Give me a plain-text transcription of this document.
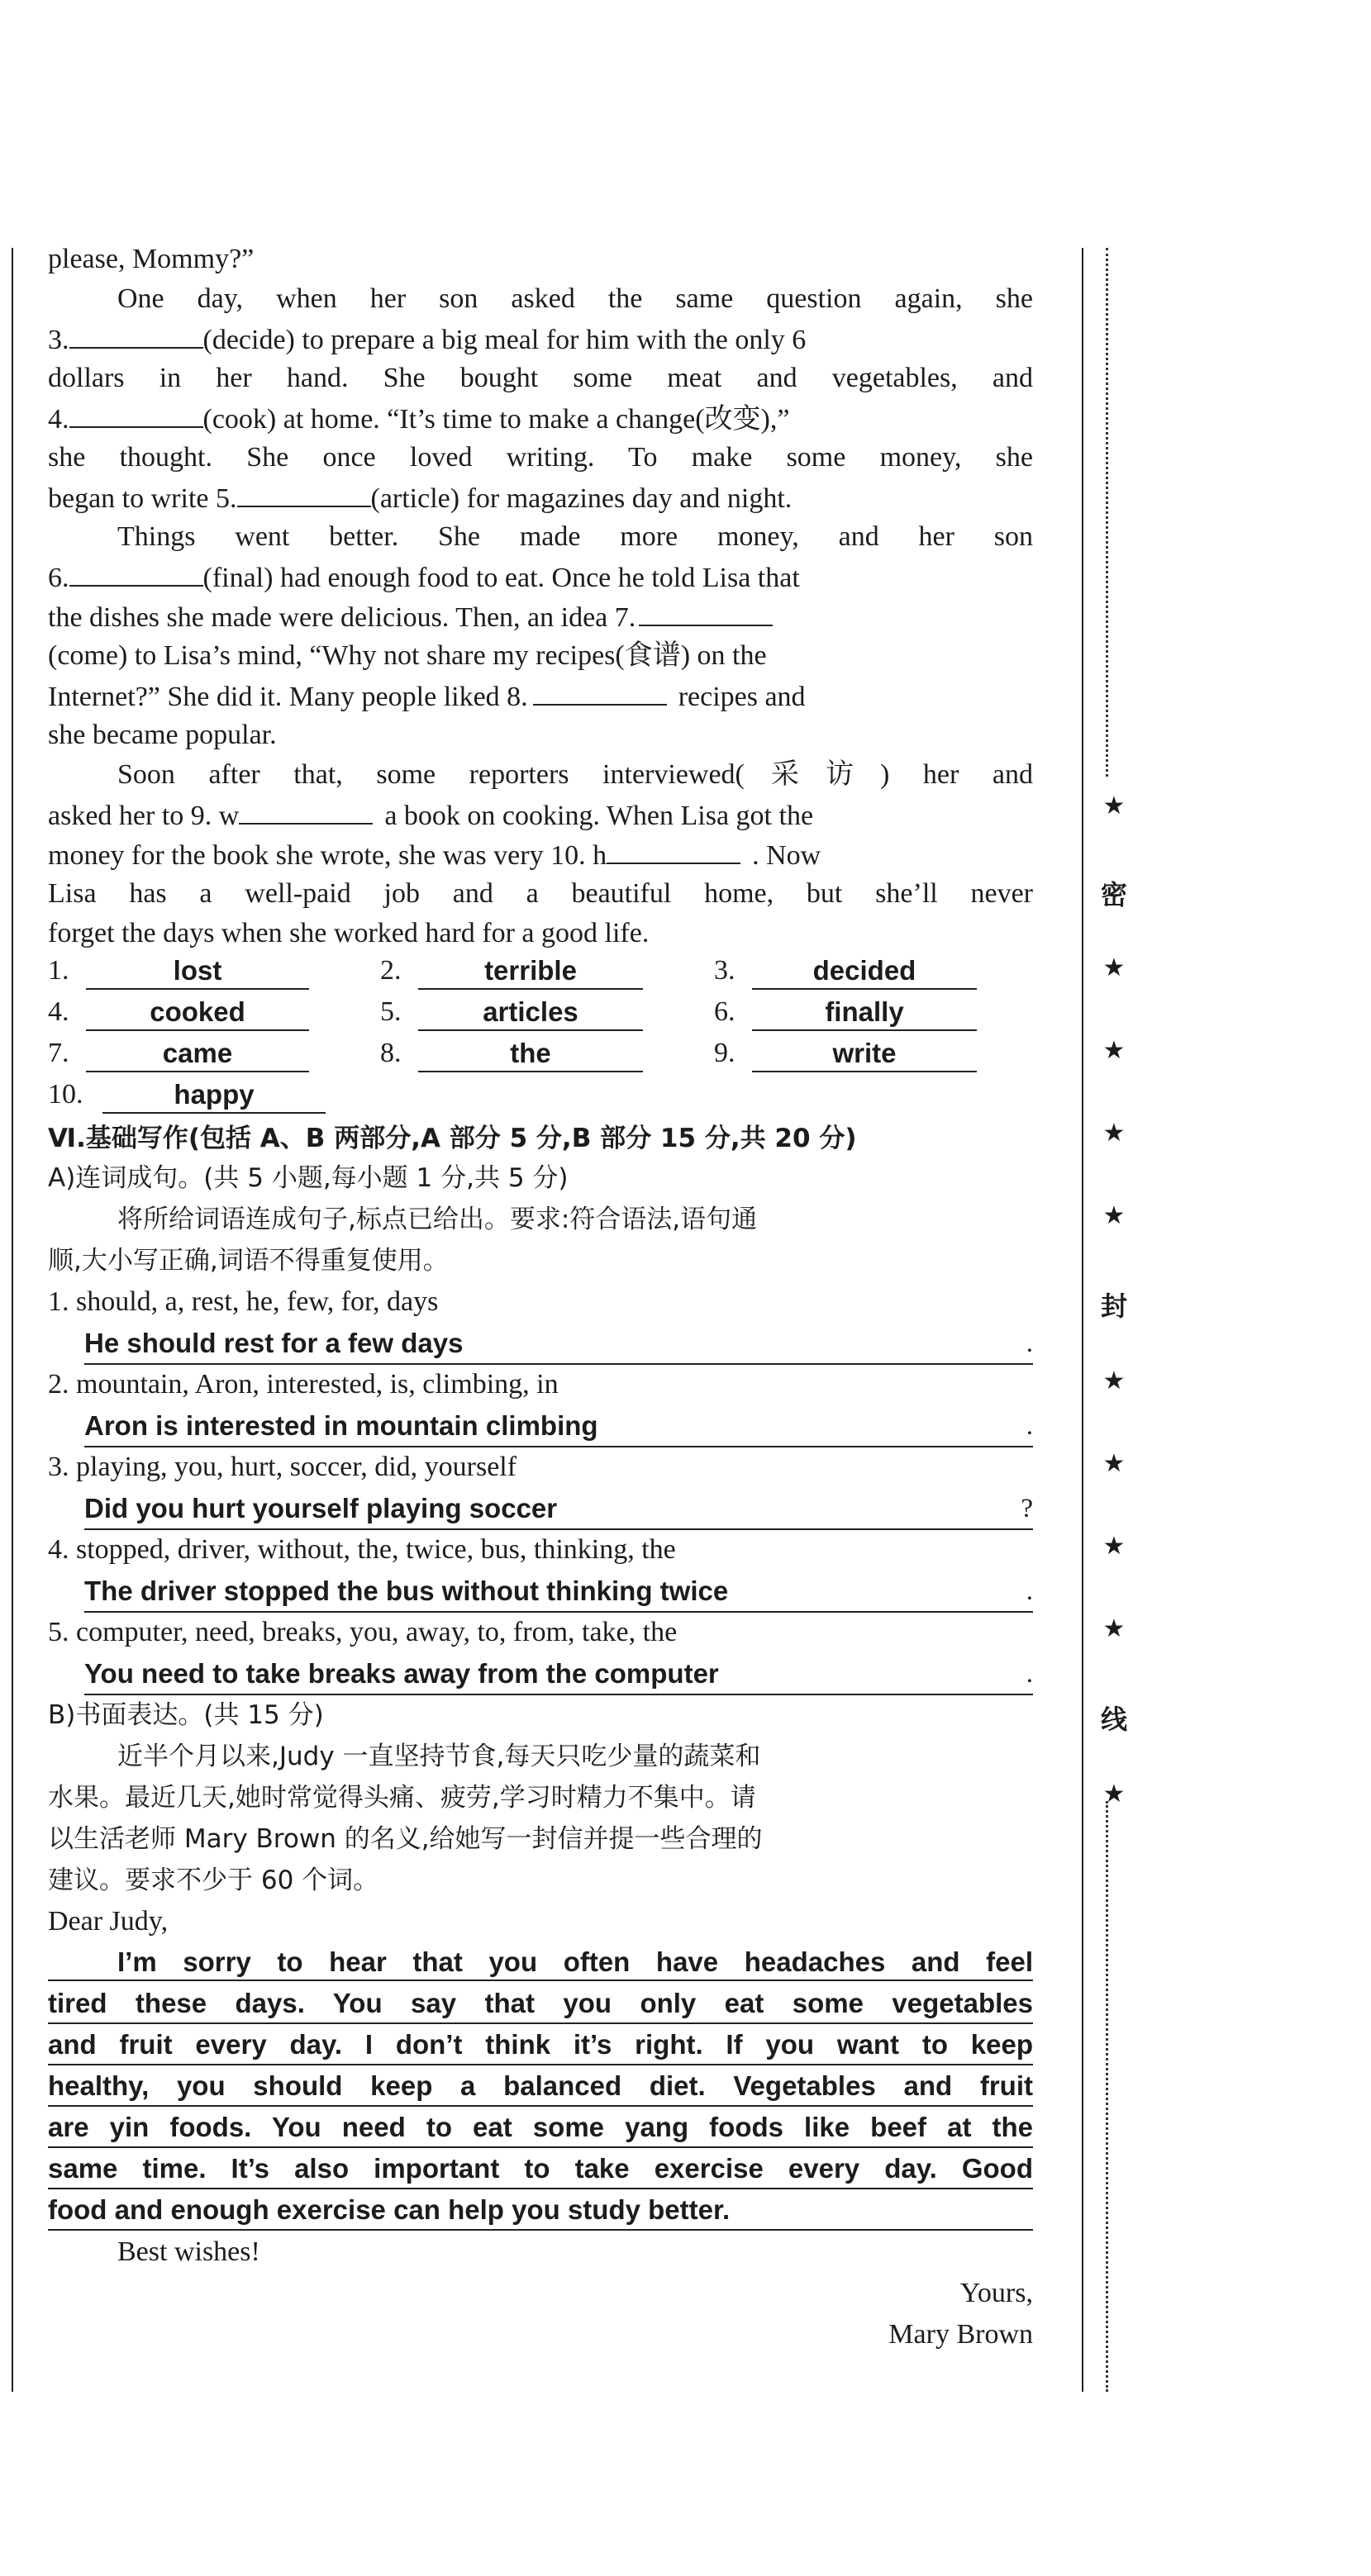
★
密
★
★
★
★
封
★
★
★
★
线
★
please, Mommy?”
One day, when her son asked the same question again, she
3.	(decide) to prepare a big meal for him with the only 6
dollars in her hand. She bought some meat and vegetables, and
4.	(cook) at home. “It’s time to make a change(改变),”
she thought. She once loved writing. To make some money, she
began to write 5.	(article) for magazines day and night.
Things went better. She made more money, and her son
6.	(final) had enough food to eat. Once he told Lisa that
the dishes she made were delicious. Then, an idea 7.
(come) to Lisa’s mind, “Why not share my recipes(食谱) on the
Internet?” She did it. Many people liked 8.	recipes and
she became popular.
Soon after that, some reporters interviewed(采访) her and
asked her to 9. w	a book on cooking. When Lisa got the
money for the book she wrote, she was very 10. h	. Now
Lisa has a well-paid job and a beautiful home, but she’ll never
forget the days when she worked hard for a good life.
1.	lost	2.	terrible	3.	decided
4.	cooked	5.	articles	6.	finally
7.	came	8.	the	9.	write
10.	happy
Ⅵ.基础写作(包括 A、B 两部分,A 部分 5 分,B 部分 15 分,共 20 分)
A)连词成句。(共 5 小题,每小题 1 分,共 5 分)
将所给词语连成句子,标点已给出。要求:符合语法,语句通
顺,大小写正确,词语不得重复使用。
1. should, a, rest, he, few, for, days
He should rest for a few days	.
2. mountain, Aron, interested, is, climbing, in
Aron is interested in mountain climbing	.
3. playing, you, hurt, soccer, did, yourself
Did you hurt yourself playing soccer	?
4. stopped, driver, without, the, twice, bus, thinking, the
The driver stopped the bus without thinking twice	.
5. computer, need, breaks, you, away, to, from, take, the
You need to take breaks away from the computer	.
B)书面表达。(共 15 分)
近半个月以来,Judy 一直坚持节食,每天只吃少量的蔬菜和
水果。最近几天,她时常觉得头痛、疲劳,学习时精力不集中。请
以生活老师 Mary Brown 的名义,给她写一封信并提一些合理的
建议。要求不少于 60 个词。
Dear Judy,
I’m sorry to hear that you often have headaches and feel
tired these days. You say that you only eat some vegetables
and fruit every day. I don’t think it’s right. If you want to keep
healthy, you should keep a balanced diet. Vegetables and fruit
are yin foods. You need to eat some yang foods like beef at the
same time. It’s also important to take exercise every day. Good
food and enough exercise can help you study better.
Best wishes!
Yours,
Mary Brown
